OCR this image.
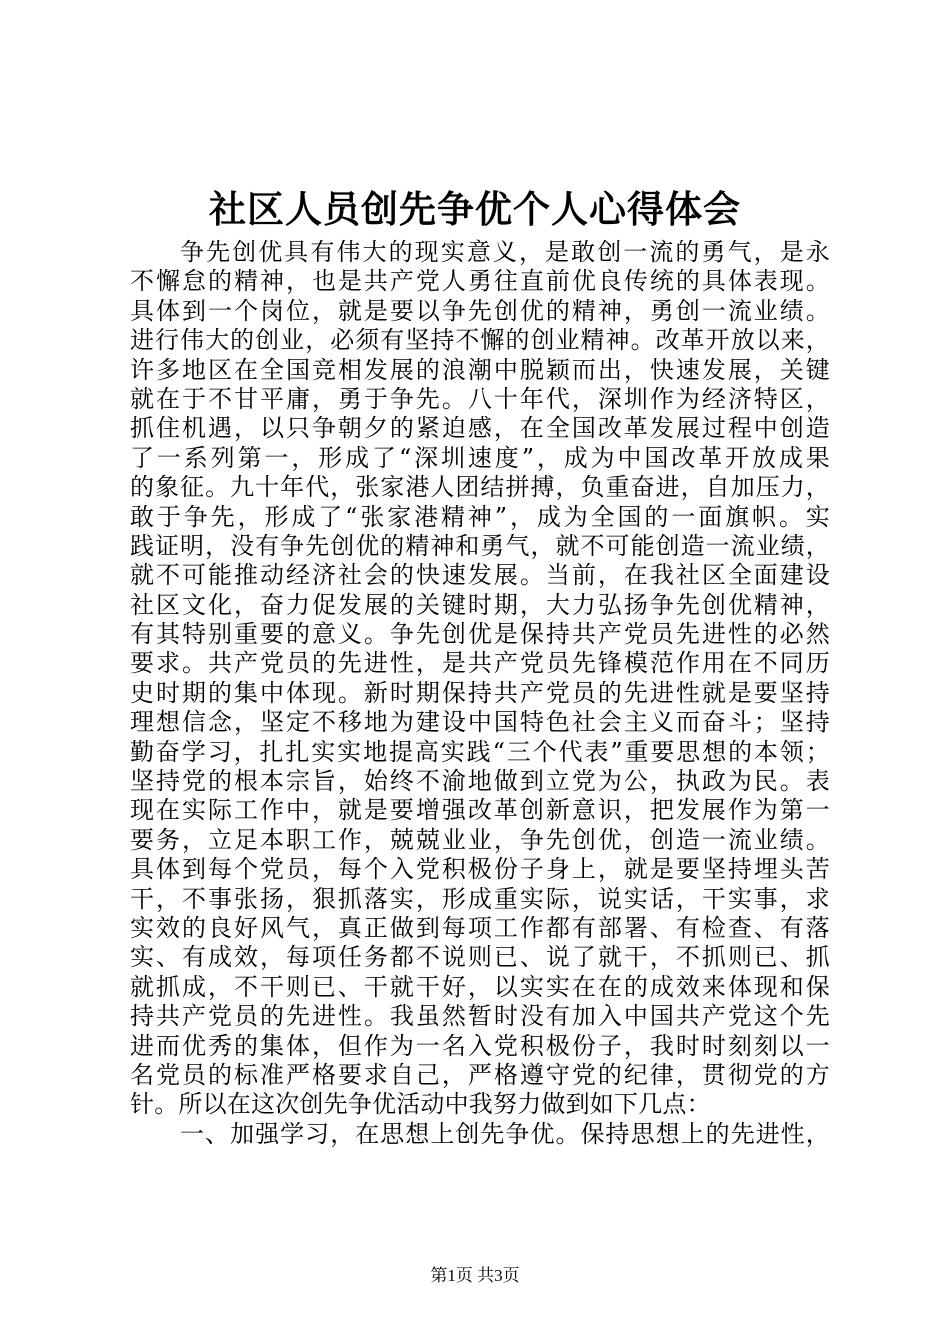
社区人员创先争优个人心得体会
争先创优具有伟大的现实意义，是敢创一流的勇气，是永
不懈怠的精神，也是共产党人勇往直前优良传统的具体表现。
具体到一个岗位，就是要以争先创优的精神，勇创一流业绩。
进行伟大的创业，必须有坚持不懈的创业精神。改革开放以来，
许多地区在全国竞相发展的浪潮中脱颖而出，快速发展，关键
就在于不甘平庸，勇于争先。八十年代，深圳作为经济特区，
抓住机遇，以只争朝夕的紧迫感，在全国改革发展过程中创造
了一系列第一，形成了“深圳速度”，成为中国改革开放成果
的象征。九十年代，张家港人团结拼搏，负重奋进，自加压力，
敢于争先，形成了“张家港精神”，成为全国的一面旗帜。实
践证明，没有争先创优的精神和勇气，就不可能创造一流业绩，
就不可能推动经济社会的快速发展。当前，在我社区全面建设
社区文化，奋力促发展的关键时期，大力弘扬争先创优精神，
有其特别重要的意义。争先创优是保持共产党员先进性的必然
要求。共产党员的先进性，是共产党员先锋模范作用在不同历
史时期的集中体现。新时期保持共产党员的先进性就是要坚持
理想信念，坚定不移地为建设中国特色社会主义而奋斗；坚持
勤奋学习，扎扎实实地提高实践“三个代表”重要思想的本领；
坚持党的根本宗旨，始终不渝地做到立党为公，执政为民。表
现在实际工作中，就是要增强改革创新意识，把发展作为第一
要务，立足本职工作，兢兢业业，争先创优，创造一流业绩。
具体到每个党员，每个入党积极份子身上，就是要坚持埋头苦
干，不事张扬，狠抓落实，形成重实际，说实话，干实事，求
实效的良好风气，真正做到每项工作都有部署、有检查、有落
实、有成效，每项任务都不说则已、说了就干，不抓则已、抓
就抓成，不干则已、干就干好，以实实在在的成效来体现和保
持共产党员的先进性。我虽然暂时没有加入中国共产党这个先
进而优秀的集体，但作为一名入党积极份子，我时时刻刻以一
名党员的标准严格要求自己，严格遵守党的纪律，贯彻党的方
针。所以在这次创先争优活动中我努力做到如下几点：
一、加强学习，在思想上创先争优。保持思想上的先进性，
第1页 共3页
